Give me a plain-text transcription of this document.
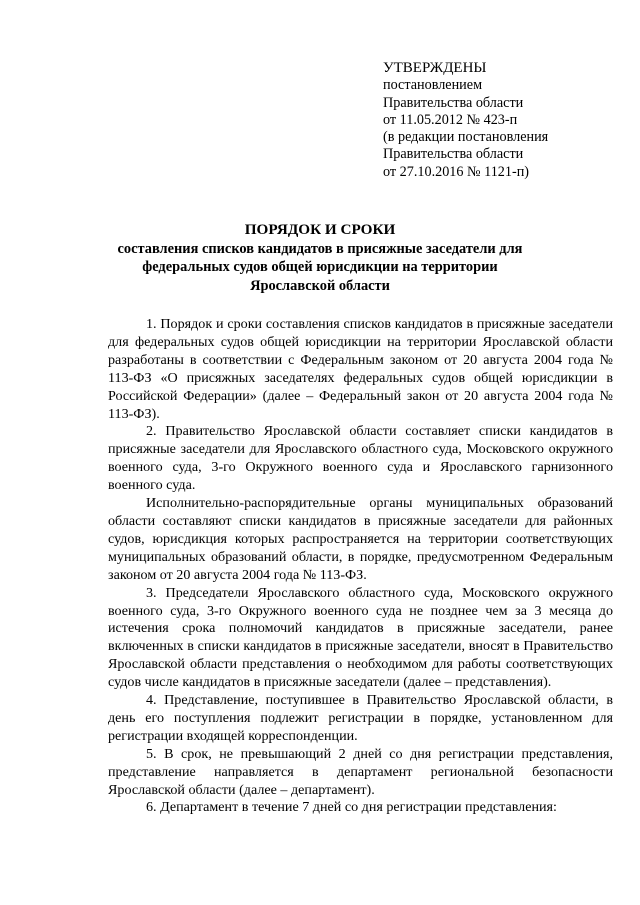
УТВЕРЖДЕНЫ
постановлением
Правительства области
от 11.05.2012 № 423-п
(в редакции постановления
Правительства области
от 27.10.2016 № 1121-п)
ПОРЯДОК И СРОКИ
составления списков кандидатов в присяжные заседатели для
федеральных судов общей юрисдикции на территории
Ярославской области

1. Порядок и сроки составления списков кандидатов в присяжные заседатели для федеральных судов общей юрисдикции на территории Ярославской области разработаны в соответствии с Федеральным законом от 20 августа 2004 года № 113-ФЗ «О присяжных заседателях федеральных судов общей юрисдикции в Российской Федерации» (далее – Федеральный закон от 20 августа 2004 года № 113-ФЗ).

2. Правительство Ярославской области составляет списки кандидатов в присяжные заседатели для Ярославского областного суда, Московского окружного военного суда, 3-го Окружного военного суда и Ярославского гарнизонного военного суда.

Исполнительно-распорядительные органы муниципальных образований области составляют списки кандидатов в присяжные заседатели для районных судов, юрисдикция которых распространяется на территории соответствующих муниципальных образований области, в порядке, предусмотренном Федеральным законом от 20 августа 2004 года № 113-ФЗ.

3. Председатели Ярославского областного суда, Московского окружного военного суда, 3-го Окружного военного суда не позднее чем за 3 месяца до истечения срока полномочий кандидатов в присяжные заседатели, ранее включенных в списки кандидатов в присяжные заседатели, вносят в Правительство Ярославской области представления о необходимом для работы соответствующих судов числе кандидатов в присяжные заседатели (далее – представления).

4. Представление, поступившее в Правительство Ярославской области, в день его поступления подлежит регистрации в порядке, установленном для регистрации входящей корреспонденции.

5. В срок, не превышающий 2 дней со дня регистрации представления, представление направляется в департамент региональной безопасности Ярославской области (далее – департамент).

6. Департамент в течение 7 дней со дня регистрации представления:
